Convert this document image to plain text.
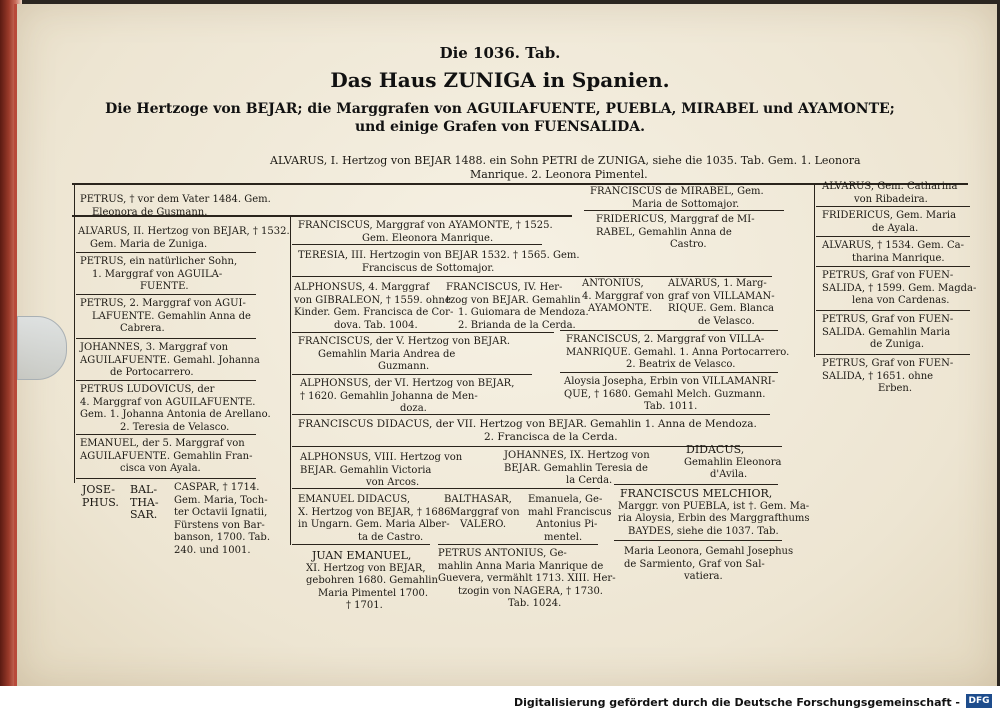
Die 1036. Tab.
Das Haus ZUNIGA in Spanien.
Die Hertzoge von BEJAR; die Marggrafen von AGUILAFUENTE, PUEBLA, MIRABEL und AYAMONTE;
und einige Grafen von FUENSALIDA.
ALVARUS, I. Hertzog von BEJAR 1488. ein Sohn PETRI de ZUNIGA, siehe die 1035. Tab. Gem. 1. Leonora
Manrique. 2. Leonora Pimentel.
PETRUS, † vor dem Vater 1484. Gem.
Eleonora de Gusmann.
ALVARUS, II. Hertzog von BEJAR, † 1532.
Gem. Maria de Zuniga.
PETRUS, ein natürlicher Sohn,
1. Marggraf von AGUILA-
FUENTE.
PETRUS, 2. Marggraf von AGUI-
LAFUENTE. Gemahlin Anna de
Cabrera.
JOHANNES, 3. Marggraf von
AGUILAFUENTE. Gemahl. Johanna
de Portocarrero.
PETRUS LUDOVICUS, der
4. Marggraf von AGUILAFUENTE.
Gem. 1. Johanna Antonia de Arellano.
2. Teresia de Velasco.
EMANUEL, der 5. Marggraf von
AGUILAFUENTE. Gemahlin Fran-
cisca von Ayala.
JOSE-
PHUS.
BAL-
THA-
SAR.
CASPAR, † 1714.
Gem. Maria, Toch-
ter Octavii Ignatii,
Fürstens von Bar-
banson, 1700. Tab.
240. und 1001.
FRANCISCUS, Marggraf von AYAMONTE, † 1525.
Gem. Eleonora Manrique.
TERESIA, III. Hertzogin von BEJAR 1532. † 1565. Gem.
Franciscus de Sottomajor.
ALPHONSUS, 4. Marggraf
von GIBRALEON, † 1559. ohne
Kinder. Gem. Francisca de Cor-
dova. Tab. 1004.
FRANCISCUS, IV. Her-
tzog von BEJAR. Gemahlin
1. Guiomara de Mendoza.
2. Brianda de la Cerda.
ANTONIUS,
4. Marggraf von
AYAMONTE.
ALVARUS, 1. Marg-
graf von VILLAMAN-
RIQUE. Gem. Blanca
de Velasco.
FRANCISCUS, der V. Hertzog von BEJAR.
Gemahlin Maria Andrea de
Guzmann.
FRANCISCUS, 2. Marggraf von VILLA-
MANRIQUE. Gemahl. 1. Anna Portocarrero.
2. Beatrix de Velasco.
ALPHONSUS, der VI. Hertzog von BEJAR,
† 1620. Gemahlin Johanna de Men-
doza.
Aloysia Josepha, Erbin von VILLAMANRI-
QUE, † 1680. Gemahl Melch. Guzmann.
Tab. 1011.
FRANCISCUS DIDACUS, der VII. Hertzog von BEJAR. Gemahlin 1. Anna de Mendoza.
2. Francisca de la Cerda.
ALPHONSUS, VIII. Hertzog von
BEJAR. Gemahlin Victoria
von Arcos.
JOHANNES, IX. Hertzog von
BEJAR. Gemahlin Teresia de
la Cerda.
DIDACUS,
Gemahlin Eleonora
d'Avila.
EMANUEL DIDACUS,
X. Hertzog von BEJAR, † 1686.
in Ungarn. Gem. Maria Alber-
ta de Castro.
BALTHASAR,
Marggraf von
VALERO.
Emanuela, Ge-
mahl Franciscus
Antonius Pi-
mentel.
FRANCISCUS MELCHIOR,
Marggr. von PUEBLA, ist †. Gem. Ma-
ria Aloysia, Erbin des Marggrafthums
BAYDES, siehe die 1037. Tab.
JUAN EMANUEL,
XI. Hertzog von BEJAR,
gebohren 1680. Gemahlin
Maria Pimentel 1700.
† 1701.
PETRUS ANTONIUS, Ge-
mahlin Anna Maria Manrique de
Guevera, vermählt 1713. XIII. Her-
tzogin von NAGERA, † 1730.
Tab. 1024.
Maria Leonora, Gemahl Josephus
de Sarmiento, Graf von Sal-
vatiera.
FRANCISCUS de MIRABEL, Gem.
Maria de Sottomajor.
FRIDERICUS, Marggraf de MI-
RABEL, Gemahlin Anna de
Castro.
ALVARUS, Gem. Catharina
von Ribadeira.
FRIDERICUS, Gem. Maria
de Ayala.
ALVARUS, † 1534. Gem. Ca-
tharina Manrique.
PETRUS, Graf von FUEN-
SALIDA, † 1599. Gem. Magda-
lena von Cardenas.
PETRUS, Graf von FUEN-
SALIDA. Gemahlin Maria
de Zuniga.
PETRUS, Graf von FUEN-
SALIDA, † 1651. ohne
Erben.
Digitalisierung gefördert durch die Deutsche Forschungsgemeinschaft - DFG
